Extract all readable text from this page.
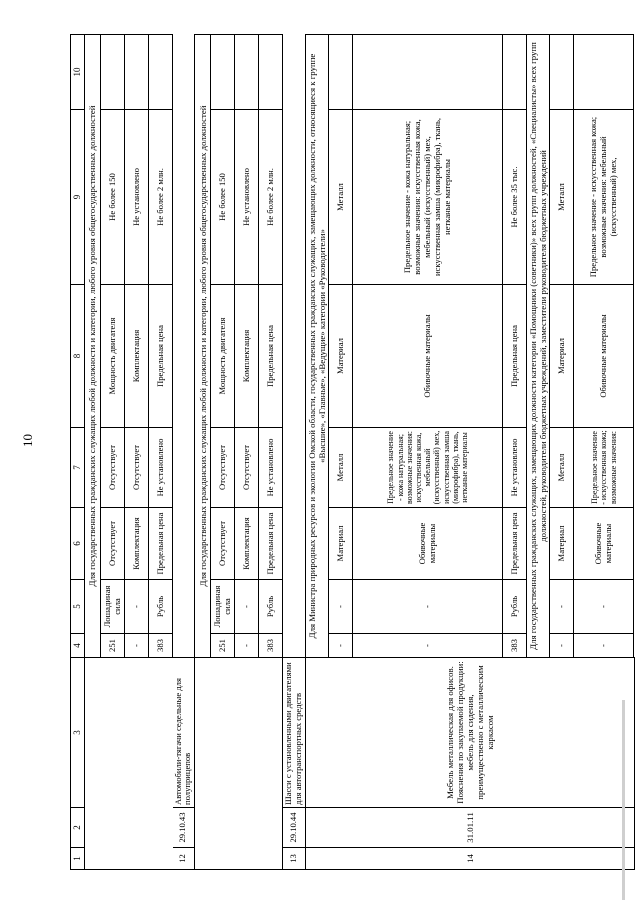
10
1	2	3	4	5	6	7	8	9	10
			Для государственных гражданских служащих любой должности и категории, любого уровня общегосударственных должностей						
			251	Лошадиная сила	Отсутствует	Отсутствует	Мощность двигателя	Не более 150	
			-	-	Комплектация	Отсутствует	Комплектация	Не установлено	
			383	Рубль	Предельная цена	Не установлено	Предельная цена	Не более 2 млн.	
12	29.10.43	Автомобили-тягачи седельные для полуприцепов							
			Для государственных гражданских служащих любой должности и категории, любого уровня общегосударственных должностей						
			251	Лошадиная сила	Отсутствует	Отсутствует	Мощность двигателя	Не более 150	
			-	-	Комплектация	Отсутствует	Комплектация	Не установлено	
			383	Рубль	Предельная цена	Не установлено	Предельная цена	Не более 2 млн.	
13	29.10.44	Шасси с установленными двигателями для автотранспортных средств							
14	31.01.11	Мебель металлическая для офисов. Пояснения по закупаемой продукции: мебель для сидения, преимущественно с металлическим каркасом	Для Министра природных ресурсов и экологии Омской области, государственных гражданских служащих, замещающих должности, относящиеся к группе «Высшие», «Главные», «Ведущие» категории «Руководители»						
			-	-	Материал	Металл	Материал	Металл	
			-	-	Обивочные материалы	Предельное значение - кожа натуральная; возможные значения: искусственная кожа, мебельный (искусственный) мех, искусственная замша (микрофибра), ткань, нетканые материалы	Обивочные материалы	Предельное значение - кожа натуральная; возможные значения: искусственная кожа, мебельный (искусственный) мех, искусственная замша (микрофибра), ткань, нетканые материалы	
			383	Рубль	Предельная цена	Не установлено	Предельная цена	Не более 35 тыс.	
			Для государственных гражданских служащих, замещающих должности категории «Помощники (советники)» всех групп должностей, «Специалисты» всех групп должностей, руководители бюджетных учреждений, заместители руководителя бюджетных учреждений						
			-	-	Материал	Металл	Материал	Металл	
			-	-	Обивочные материалы	Предельное значение - искусственная кожа; возможные значения:	Обивочные материалы	Предельное значение - искусственная кожа; возможные значения: мебельный (искусственный) мех,	
